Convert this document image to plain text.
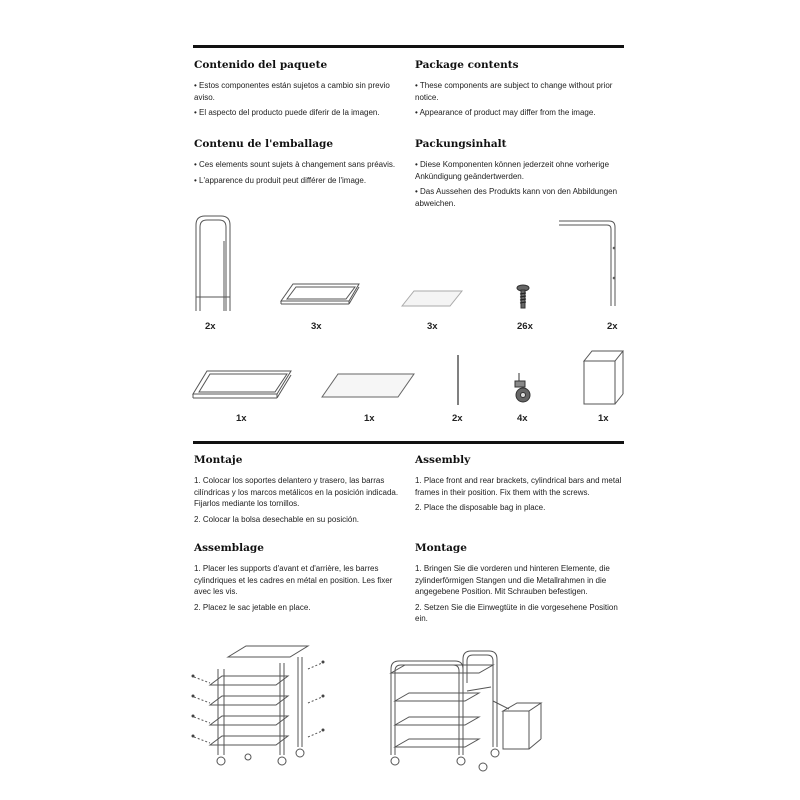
Contenido del paquete
• Estos componentes están sujetos a cambio sin previo aviso.
• El aspecto del producto puede diferir de la imagen.
Package contents
• These components are subject to change without prior notice.
• Appearance of product may differ from the image.
Contenu de l'emballage
• Ces elements sount sujets à changement sans préavis.
• L'apparence du produit peut différer de l'image.
Packungsinhalt
• Diese Komponenten können jederzeit ohne vorherige Ankündigung geändertwerden.
• Das Aussehen des Produkts kann von den Abbildungen abweichen.
2x	3x	3x	26x	2x
1x	1x	2x	4x	1x
Montaje
1. Colocar los soportes delantero y trasero, las barras cilíndricas y los marcos metálicos en la posición indicada. Fijarlos mediante los tornillos.
2. Colocar la bolsa desechable en su posición.
Assembly
1. Place front and rear brackets, cylindrical bars and metal frames in their position. Fix them with the screws.
2. Place the disposable bag in place.
Assemblage
1. Placer les supports d'avant et d'arrière, les barres cylindriques et les cadres en métal en position. Les fixer avec les vis.
2. Placez le sac jetable en place.
Montage
1. Bringen Sie die vorderen und hinteren Elemente, die zylinderförmigen Stangen und die Metallrahmen in die angegebene Position. Mit Schrauben befestigen.
2. Setzen Sie die Einwegtüte in die vorgesehene Position ein.
